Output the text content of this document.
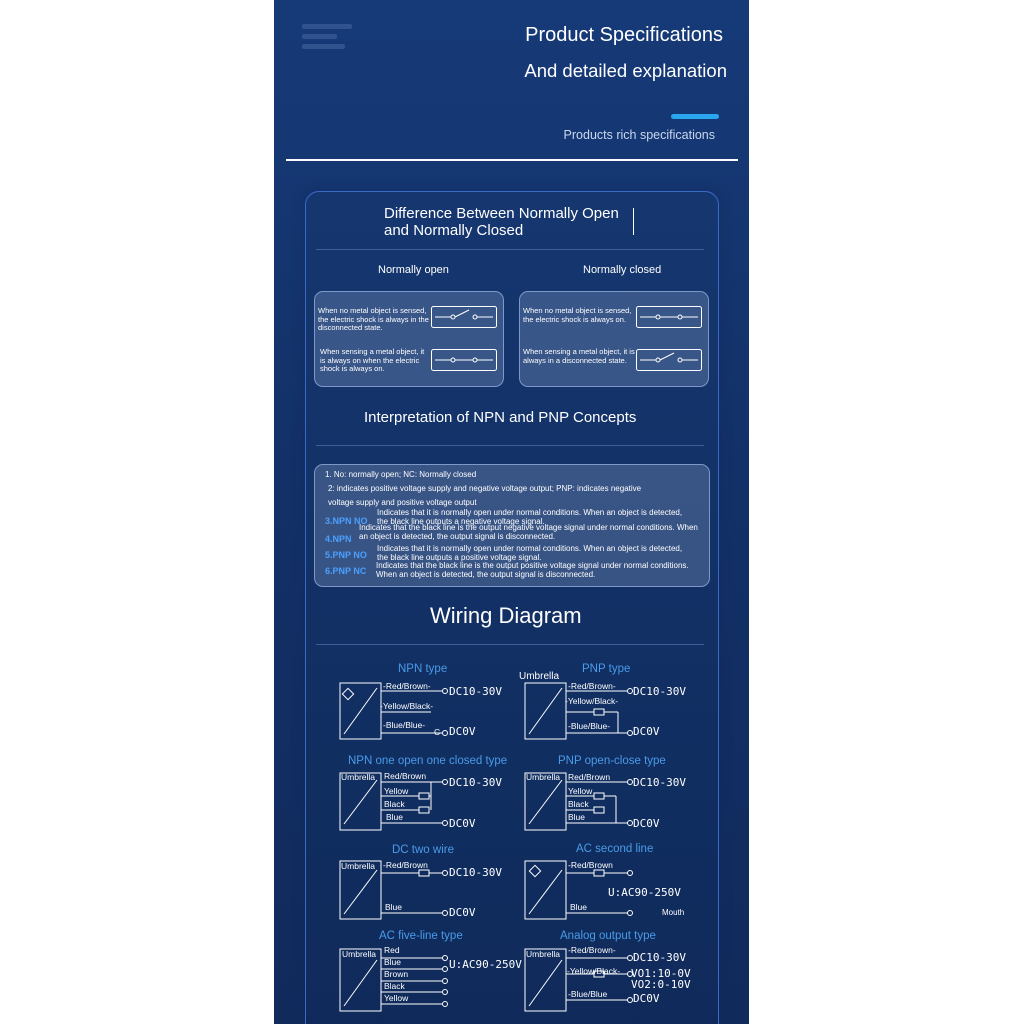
Product Specifications
And detailed explanation
Products rich specifications
Difference Between Normally Open
and Normally Closed
Normally open	Normally closed
When no metal object is sensed, the electric shock is always in the disconnected state.
When sensing a metal object, it is always on when the electric shock is always on.
When no metal object is sensed, the electric shock is always on.
When sensing a metal object, it is always in a disconnected state.
Interpretation of NPN and PNP Concepts
1. No: normally open; NC: Normally closed
2: indicates positive voltage supply and negative voltage output; PNP: indicates negative
voltage supply and positive voltage output
3.NPN NO
Indicates that it is normally open under normal conditions. When an object is detected,
the black line outputs a negative voltage signal.
4.NPN
Indicates that the black line is the output negative voltage signal under normal conditions. When
an object is detected, the output signal is disconnected.
5.PNP NO
Indicates that it is normally open under normal conditions. When an object is detected,
the black line outputs a positive voltage signal.
6.PNP NC
Indicates that the black line is the output positive voltage signal under normal conditions.
When an object is detected, the output signal is disconnected.
Wiring Diagram
NPN type
-Red/Brown-
-Yellow/Black-
-Blue/Blue-
C
DC10-30V
DC0V
PNP type
Umbrella
-Red/Brown-
-Yellow/Black-
-Blue/Blue-
DC10-30V
DC0V
NPN one open one closed type
Umbrella Red/Brown
Yellow
Black
Blue
DC10-30V
DC0V
PNP open-close type
Umbrella Red/Brown
Yellow
Black
Blue
DC10-30V
DC0V
DC two wire
Umbrella -Red/Brown
Blue
DC10-30V
DC0V
AC second line
-Red/Brown
Blue
U:AC90-250V
Mouth
AC five-line type
Umbrella Red
Blue
Brown
Black
Yellow
U:AC90-250V
Analog output type
Umbrella -Red/Brown-
-Yellow/Black-
-Blue/Blue
DC10-30V
VO1:10-0V
VO2:0-10V
DC0V
